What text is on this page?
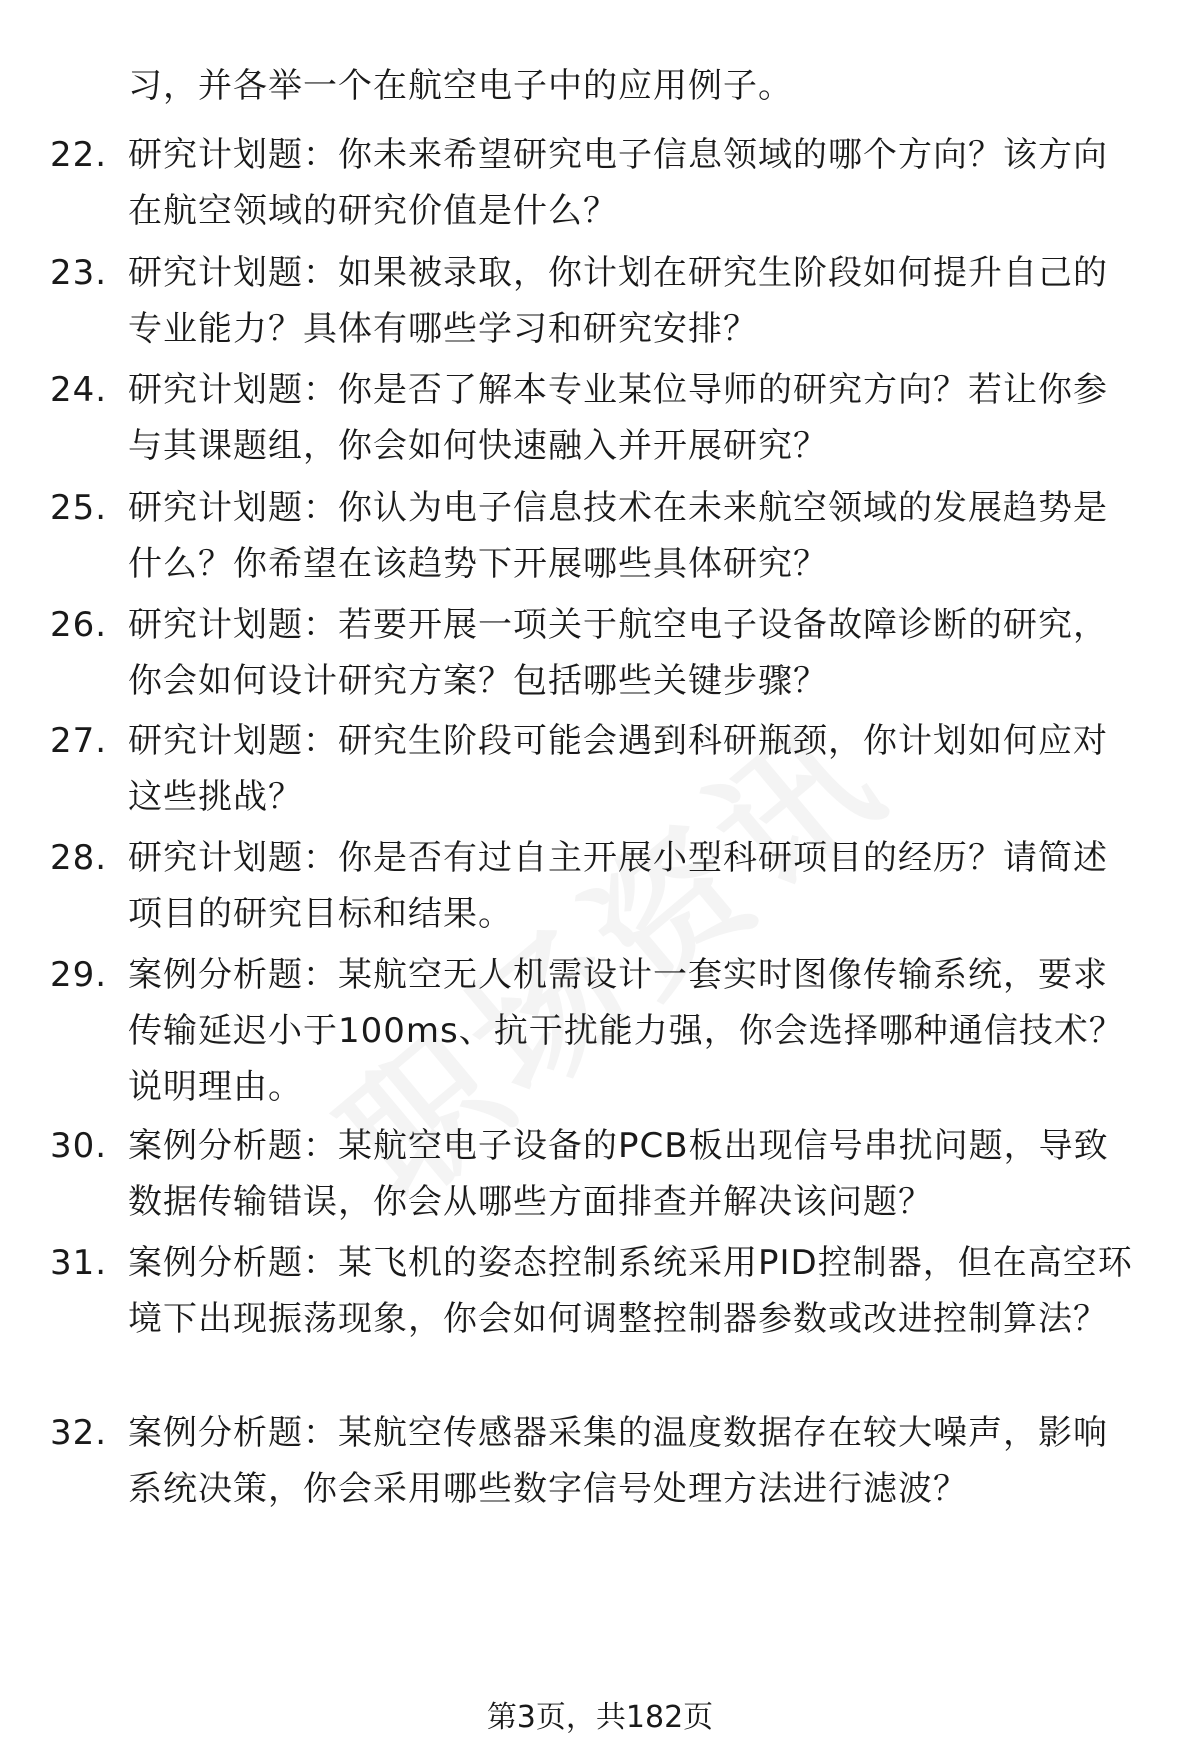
习，并各举一个在航空电子中的应用例子。
22. 研究计划题：你未来希望研究电子信息领域的哪个方向？该方向在航空领域的研究价值是什么？
23. 研究计划题：如果被录取，你计划在研究生阶段如何提升自己的专业能力？具体有哪些学习和研究安排？
24. 研究计划题：你是否了解本专业某位导师的研究方向？若让你参与其课题组，你会如何快速融入并开展研究？
25. 研究计划题：你认为电子信息技术在未来航空领域的发展趋势是什么？你希望在该趋势下开展哪些具体研究？
26. 研究计划题：若要开展一项关于航空电子设备故障诊断的研究，你会如何设计研究方案？包括哪些关键步骤？
27. 研究计划题：研究生阶段可能会遇到科研瓶颈，你计划如何应对这些挑战？
28. 研究计划题：你是否有过自主开展小型科研项目的经历？请简述项目的研究目标和结果。
29. 案例分析题：某航空无人机需设计一套实时图像传输系统，要求传输延迟小于100ms、抗干扰能力强，你会选择哪种通信技术？说明理由。
30. 案例分析题：某航空电子设备的PCB板出现信号串扰问题，导致数据传输错误，你会从哪些方面排查并解决该问题？
31. 案例分析题：某飞机的姿态控制系统采用PID控制器，但在高空环境下出现振荡现象，你会如何调整控制器参数或改进控制算法？
32. 案例分析题：某航空传感器采集的温度数据存在较大噪声，影响系统决策，你会采用哪些数字信号处理方法进行滤波？
第3页，共182页
